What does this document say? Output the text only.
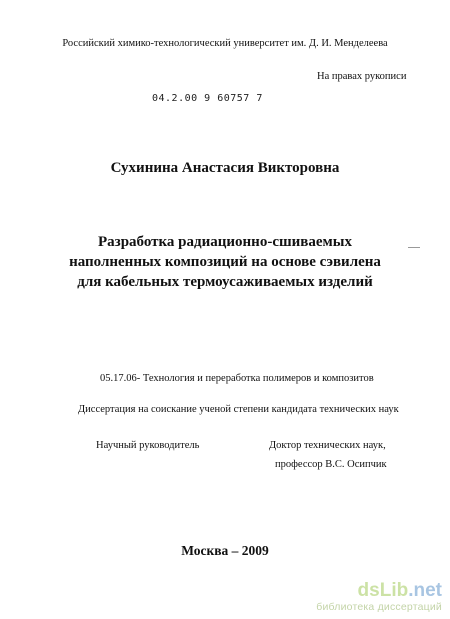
Российский химико-технологический университет им. Д. И. Менделеева
На правах рукописи
04.2.00 9 60757 7
Сухинина Анастасия Викторовна
Разработка радиационно-сшиваемых
наполненных композиций на основе сэвилена
для кабельных термоусаживаемых изделий
05.17.06- Технология и переработка полимеров и композитов
Диссертация на соискание ученой степени кандидата технических наук
Научный руководитель	Доктор технических наук,
профессор В.С. Осипчик
Москва – 2009
dsLib.net
библиотека диссертаций
